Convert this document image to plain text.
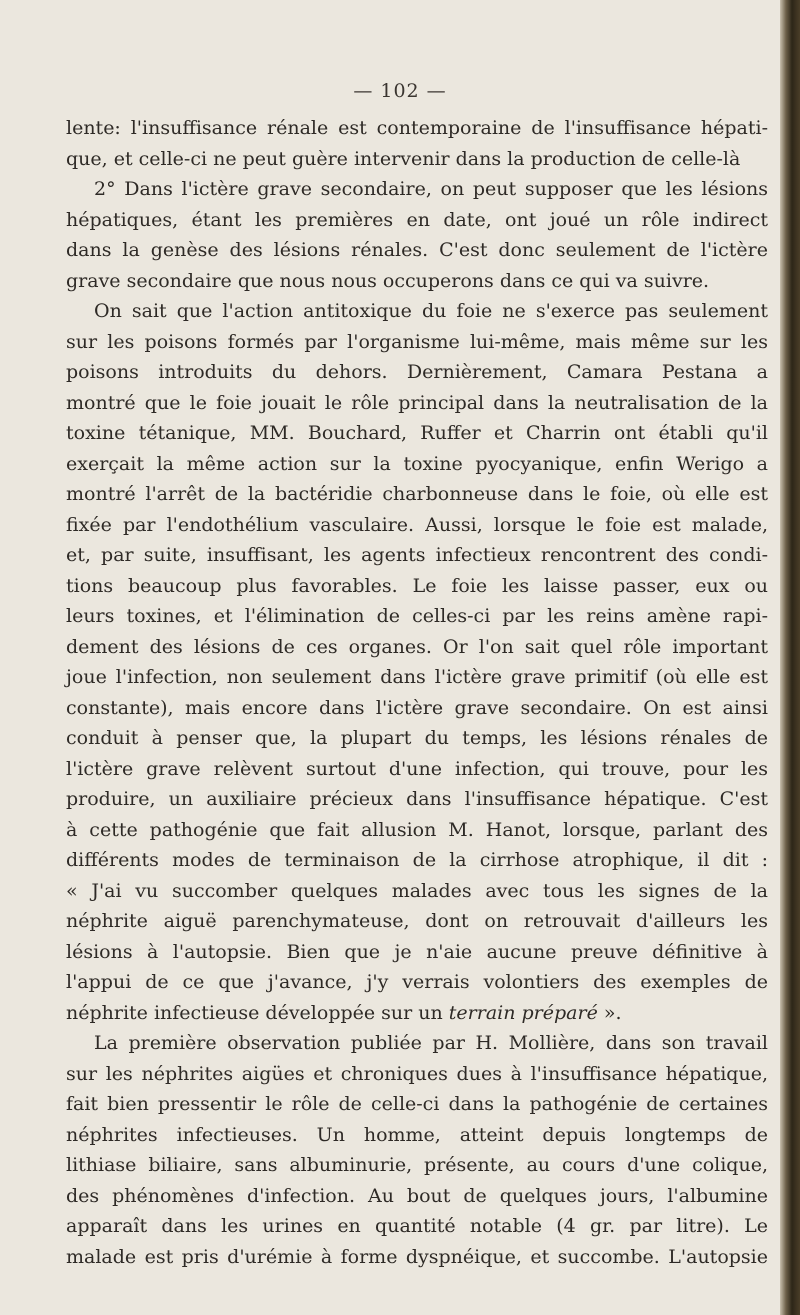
— 102 —
lente: l'insuffisance rénale est contemporaine de l'insuffisance hépati-
que, et celle-ci ne peut guère intervenir dans la production de celle-là
2° Dans l'ictère grave secondaire, on peut supposer que les lésions
hépatiques, étant les premières en date, ont joué un rôle indirect
dans la genèse des lésions rénales. C'est donc seulement de l'ictère
grave secondaire que nous nous occuperons dans ce qui va suivre.
On sait que l'action antitoxique du foie ne s'exerce pas seulement
sur les poisons formés par l'organisme lui-même, mais même sur les
poisons introduits du dehors. Dernièrement, Camara Pestana a
montré que le foie jouait le rôle principal dans la neutralisation de la
toxine tétanique, MM. Bouchard, Ruffer et Charrin ont établi qu'il
exerçait la même action sur la toxine pyocyanique, enfin Werigo a
montré l'arrêt de la bactéridie charbonneuse dans le foie, où elle est
fixée par l'endothélium vasculaire. Aussi, lorsque le foie est malade,
et, par suite, insuffisant, les agents infectieux rencontrent des condi-
tions beaucoup plus favorables. Le foie les laisse passer, eux ou
leurs toxines, et l'élimination de celles-ci par les reins amène rapi-
dement des lésions de ces organes. Or l'on sait quel rôle important
joue l'infection, non seulement dans l'ictère grave primitif (où elle est
constante), mais encore dans l'ictère grave secondaire. On est ainsi
conduit à penser que, la plupart du temps, les lésions rénales de
l'ictère grave relèvent surtout d'une infection, qui trouve, pour les
produire, un auxiliaire précieux dans l'insuffisance hépatique. C'est
à cette pathogénie que fait allusion M. Hanot, lorsque, parlant des
différents modes de terminaison de la cirrhose atrophique, il dit :
« J'ai vu succomber quelques malades avec tous les signes de la
néphrite aiguë parenchymateuse, dont on retrouvait d'ailleurs les
lésions à l'autopsie. Bien que je n'aie aucune preuve définitive à
l'appui de ce que j'avance, j'y verrais volontiers des exemples de
néphrite infectieuse développée sur un terrain préparé ».
La première observation publiée par H. Mollière, dans son travail
sur les néphrites aigües et chroniques dues à l'insuffisance hépatique,
fait bien pressentir le rôle de celle-ci dans la pathogénie de certaines
néphrites infectieuses. Un homme, atteint depuis longtemps de
lithiase biliaire, sans albuminurie, présente, au cours d'une colique,
des phénomènes d'infection. Au bout de quelques jours, l'albumine
apparaît dans les urines en quantité notable (4 gr. par litre). Le
malade est pris d'urémie à forme dyspnéique, et succombe. L'autopsie
